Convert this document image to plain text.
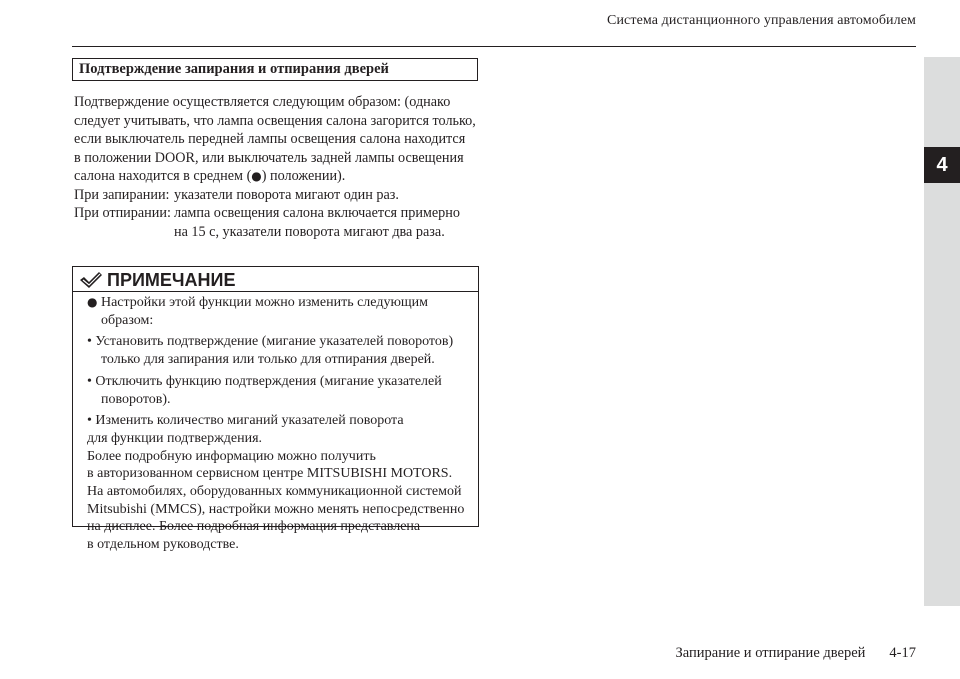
Система дистанционного управления автомобилем
4
Подтверждение запирания и отпирания дверей

Подтверждение осуществляется следующим образом: (однако
следует учитывать, что лампа освещения салона загорится только,
если выключатель передней лампы освещения салона находится
в положении DOOR, или выключатель задней лампы освещения
салона находится в среднем (●) положении).

При запирании: указатели поворота мигают один раз.
При отпирании: лампа освещения салона включается примерно
на 15 с, указатели поворота мигают два раза.
ПРИМЕЧАНИЕ
● Настройки этой функции можно изменить следующим
образом:
• Установить подтверждение (мигание указателей поворотов)
только для запирания или только для отпирания дверей.
• Отключить функцию подтверждения (мигание указателей
поворотов).
• Изменить количество миганий указателей поворота
для функции подтверждения.
Более подробную информацию можно получить
в авторизованном сервисном центре MITSUBISHI MOTORS.
На автомобилях, оборудованных коммуникационной системой
Mitsubishi (MMCS), настройки можно менять непосредственно
на дисплее. Более подробная информация представлена
в отдельном руководстве.
Запирание и отпирание дверей 4-17
